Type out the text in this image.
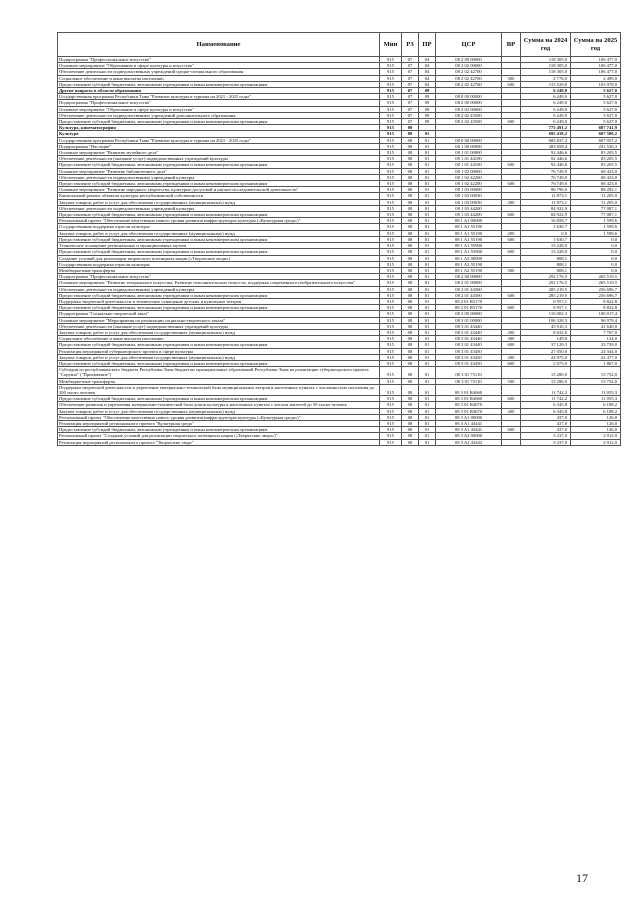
Наименование	Мин	РЗ	ПР	ЦСР	ВР	Сумма на 2024 год	Сумма на 2025 год
Подпрограмма "Профессиональное искусство"	915	07	04	08 2 00 00000		118 305,0	106 477,0
Основное мероприятие "Образование в сфере культуры и искусства"	915	07	04	08 2 02 00000		118 305,0	106 477,0
Обеспечение деятельности подведомственных учреждений средне-специального образования	915	07	04	08 2 02 42700		118 305,0	106 477,0
Социальное обеспечение и иные выплаты населению	915	07	04	08 2 02 42700	300	2 776,0	2 499,0
Предоставление субсидий бюджетным, автономным учреждениям и иным некоммерческим организациям	915	07	04	08 2 02 42700	600	115 529,0	103 978,0
Другие вопросы в области образования	915	07	09			6 249,0	5 627,0
Государственная программа Республики Тыва "Развитие культуры и туризма на 2021 - 2025 годы"	915	07	09	08 0 00 00000		6 249,0	5 627,0
Подпрограмма "Профессиональное искусство"	915	07	09	08 2 00 00000		6 249,0	5 627,0
Основное мероприятие "Образование в сфере культуры и искусства"	915	07	09	08 2 02 00000		6 249,0	5 627,0
Обеспечение деятельности подведомственных учреждений дополнительного образования	915	07	09	08 2 02 43500		6 249,0	5 627,0
Предоставление субсидий бюджетным, автономным учреждениям и иным некоммерческим организациям	915	07	09	08 2 02 43500	600	6 249,0	5 627,0
Культура, кинематография	915	08				775 491,2	687 741,9
Культура	915	08	01			695 418,2	607 580,2
Государственная программа Республики Тыва "Развитие культуры и туризма на 2021 - 2025 годы"	915	08	01	08 0 00 00000		685 837,2	607 057,2
Подпрограмма "Наследие"	915	08	01	08 1 00 00000		283 658,4	241 520,3
Основное мероприятие "Развитие музейного дела"	915	08	01	08 1 01 00000		92 446,6	83 205,5
Обеспечение деятельности (оказание услуг) подведомственных учреждений культуры	915	08	01	08 1 01 44100		92 446,6	83 205,5
Предоставление субсидий бюджетным, автономным учреждениям и иным некоммерческим организациям	915	08	01	08 1 01 44100	600	92 446,6	83 205,5
Основное мероприятие "Развитие библиотечного дела"	915	08	01	08 1 02 00000		76 749,0	68 423,0
Обеспечение деятельности подведомственных учреждений культуры	915	08	01	08 1 02 42200		76 749,0	68 423,0
Предоставление субсидий бюджетным, автономным учреждениям и иным некоммерческим организациям	915	08	01	08 1 02 42200	600	76 749,0	68 423,0
Основное мероприятие "Развитие народного творчества, культурно-досуговой и научно-исследовательской деятельности"	915	08	01	08 1 03 00000		96 796,0	88 292,1
Капитальный ремонт объектов культуры республиканской собственности	915	08	01	08 1 03 00030		11 873,1	11 205,0
Закупка товаров, работ и услуг для обеспечения государственных (муниципальных) нужд	915	08	01	08 1 03 00030	200	11 873,1	11 205,0
Обеспечение деятельности подведомственных учреждений культуры	915	08	01	08 1 03 44200		84 922,9	77 087,1
Предоставление субсидий бюджетным, автономным учреждениям и иным некоммерческим организациям	915	08	01	08 1 03 44200	600	84 922,9	77 087,1
Региональный проект "Обеспечение качественно нового уровня развития инфраструктуры культуры («Культурная среда»)"	915	08	01	08 1 A1 00000		16 858,7	1 599,6
Государственная поддержка отрасли культуры	915	08	01	08 1 A1 55190		1 630,7	1 599,6
Закупка товаров, работ и услуг для обеспечения государственных (муниципальных) нужд	915	08	01	08 1 A1 55190	200	0,0	1 599,6
Предоставление субсидий бюджетным, автономным учреждениям и иным некоммерческим организациям	915	08	01	08 1 A1 55190	600	1 630,7	0,0
Техническое оснащение региональных и муниципальных музеев	915	08	01	08 1 A1 55900		15 228,0	0,0
Предоставление субсидий бюджетным, автономным учреждениям и иным некоммерческим организациям	915	08	01	08 1 A1 55900	600	15 228,0	0,0
Создание условий для реализации творческого потенциала нации («Творческие люди»)	915	08	01	08 1 A2 00000		808,1	0,0
Государственная поддержка отрасли культуры	915	08	01	08 1 A2 55190		808,1	0,0
Межбюджетные трансферты	915	08	01	08 1 A2 55190	500	808,1	0,0
Подпрограмма "Профессиональное искусство"	915	08	01	08 2 00 00000		292 176,5	265 519,5
Основное мероприятие "Развитие театрального искусства. Развитие исполнительских искусств, поддержка современного изобразительного искусства"	915	08	01	08 2 01 00000		292 176,5	265 519,5
Обеспечение деятельности подведомственных учреждений культуры	915	08	01	08 2 01 44300		285 219,5	256 696,7
Предоставление субсидий бюджетным, автономным учреждениям и иным некоммерческим организациям	915	08	01	08 2 01 44300	600	285 219,5	256 696,7
Поддержка творческой деятельности и техническое оснащение детских и кукольных театров	915	08	01	08 2 01 R5170		6 957,1	8 822,8
Предоставление субсидий бюджетным, автономным учреждениям и иным некоммерческим организациям	915	08	01	08 2 01 R5170	600	6 957,1	8 822,8
Подпрограмма "Социально-творческий заказ"	915	08	01	08 3 00 00000		110 002,3	100 017,4
Основное мероприятие "Мероприятия по реализации социально-творческого заказа"	915	08	01	08 3 01 00000		106 328,3	96 979,4
Обеспечение деятельности (оказание услуг) подведомственных учреждений культуры	915	08	01	08 3 01 43440		45 910,3	41 640,0
Закупка товаров, работ и услуг для обеспечения государственных (муниципальных) нужд	915	08	01	08 3 01 43440	200	8 632,0	7 767,0
Социальное обеспечение и иные выплаты населению	915	08	01	08 3 01 43440	300	149,0	134,0
Предоставление субсидий бюджетным, автономным учреждениям и иным некоммерческим организациям	915	08	01	08 3 01 43440	600	37 129,3	33 739,0
Реализация мероприятий губернаторского проекта в сфере культуры	915	08	01	08 3 01 43450		27 050,0	24 344,0
Закупка товаров, работ и услуг для обеспечения государственных (муниципальных) нужд	915	08	01	08 3 01 43450	200	24 975,0	22 477,0
Предоставление субсидий бюджетным, автономным учреждениям и иным некоммерческим организациям	915	08	01	08 3 01 43450	600	2 075,0	1 867,0
Субсидии из республиканского бюджета Республики Тыва бюджетам муниципальных образований Республики Тыва на реализацию губернаторского проекта "Сорунза" ("Притяжение")	915	08	01	08 3 01 75110		15 280,0	13 752,0
Межбюджетные трансферты	915	08	01	08 3 01 75110	500	15 280,0	13 752,0
Поддержка творческой деятельности и укрепление материально-технической базы муниципальных театров в населенных пунктах с численностью населения до 300 тысяч человек	915	08	01	08 3 01 R4660		11 742,2	11 055,3
Предоставление субсидий бюджетным, автономным учреждениям и иным некоммерческим организациям	915	08	01	08 3 01 R4660	600	11 742,2	11 055,3
Обеспечение развития и укрепления материально-технической базы домов культуры в населенных пунктах с числом жителей до 50 тысяч человек	915	08	01	08 3 01 R4670		6 345,8	6 188,2
Закупка товаров, работ и услуг для обеспечения государственных (муниципальных) нужд	915	08	01	08 3 01 R4670	200	6 345,8	6 188,2
Региональный проект "Обеспечение качественно нового уровня развития инфраструктуры культуры («Культурная среда»)"	915	08	01	08 3 A1 00000		437,0	126,0
Реализация мероприятий регионального проекта "Культурная среда"	915	08	01	08 3 A1 43441		437,0	126,0
Предоставление субсидий бюджетным, автономным учреждениям и иным некоммерческим организациям	915	08	01	08 3 A1 43441	600	437,0	126,0
Региональный проект "Создание условий для реализации творческого потенциала нации («Творческие люди»)"	915	08	01	08 3 A2 00000		3 237,0	2 912,0
Реализация мероприятий регионального проекта "Творческие люди"	915	08	01	08 3 A2 43442		3 237,0	2 912,0
17
